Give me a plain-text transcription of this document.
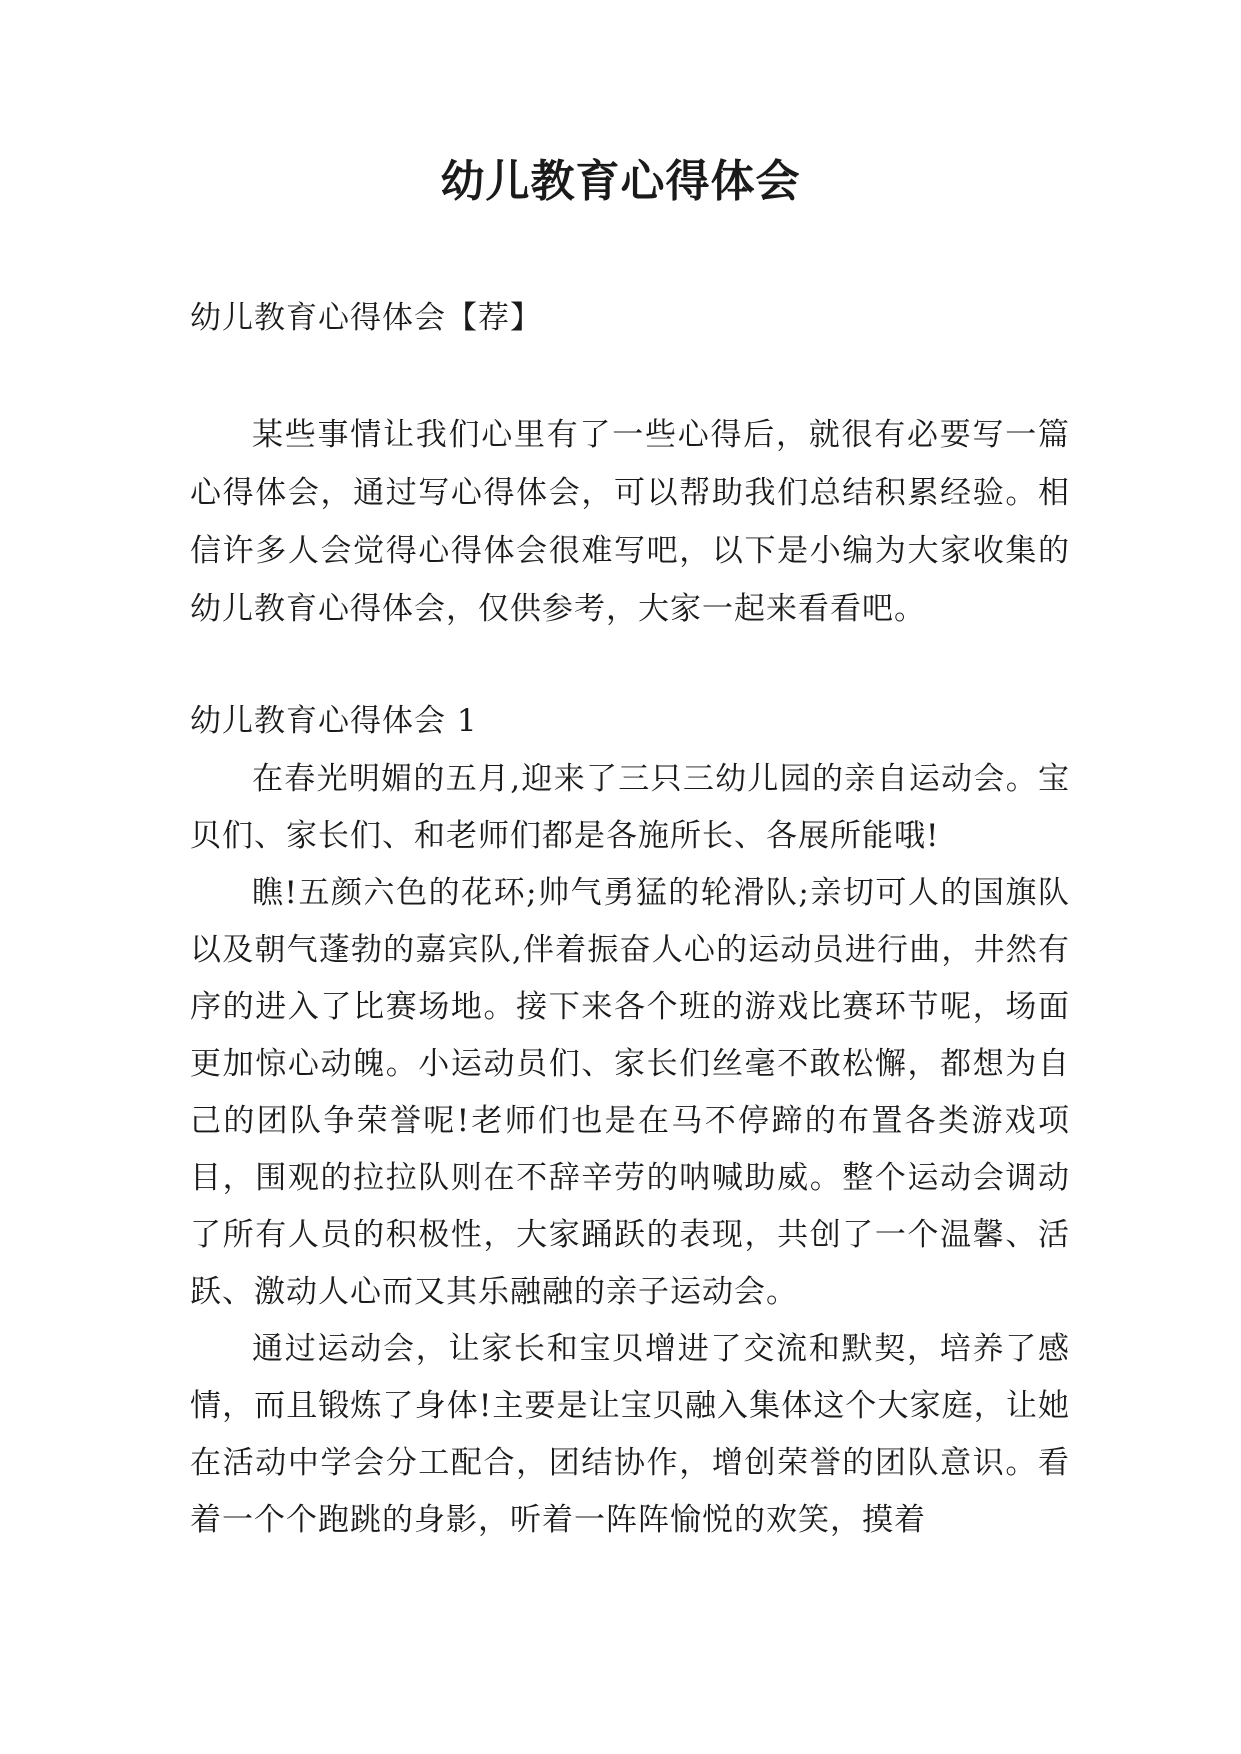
幼儿教育心得体会
幼儿教育心得体会【荐】

某些事情让我们心里有了一些心得后，就很有必要写一篇心得体会，通过写心得体会，可以帮助我们总结积累经验。相信许多人会觉得心得体会很难写吧，以下是小编为大家收集的幼儿教育心得体会，仅供参考，大家一起来看看吧。

幼儿教育心得体会 1

在春光明媚的五月,迎来了三只三幼儿园的亲自运动会。宝贝们、家长们、和老师们都是各施所长、各展所能哦!

瞧!五颜六色的花环;帅气勇猛的轮滑队;亲切可人的国旗队以及朝气蓬勃的嘉宾队,伴着振奋人心的运动员进行曲，井然有序的进入了比赛场地。接下来各个班的游戏比赛环节呢，场面更加惊心动魄。小运动员们、家长们丝毫不敢松懈，都想为自己的团队争荣誉呢!老师们也是在马不停蹄的布置各类游戏项目，围观的拉拉队则在不辞辛劳的呐喊助威。整个运动会调动了所有人员的积极性，大家踊跃的表现，共创了一个温馨、活跃、激动人心而又其乐融融的亲子运动会。

通过运动会，让家长和宝贝增进了交流和默契，培养了感情，而且锻炼了身体!主要是让宝贝融入集体这个大家庭，让她在活动中学会分工配合，团结协作，增创荣誉的团队意识。看着一个个跑跳的身影，听着一阵阵愉悦的欢笑，摸着
